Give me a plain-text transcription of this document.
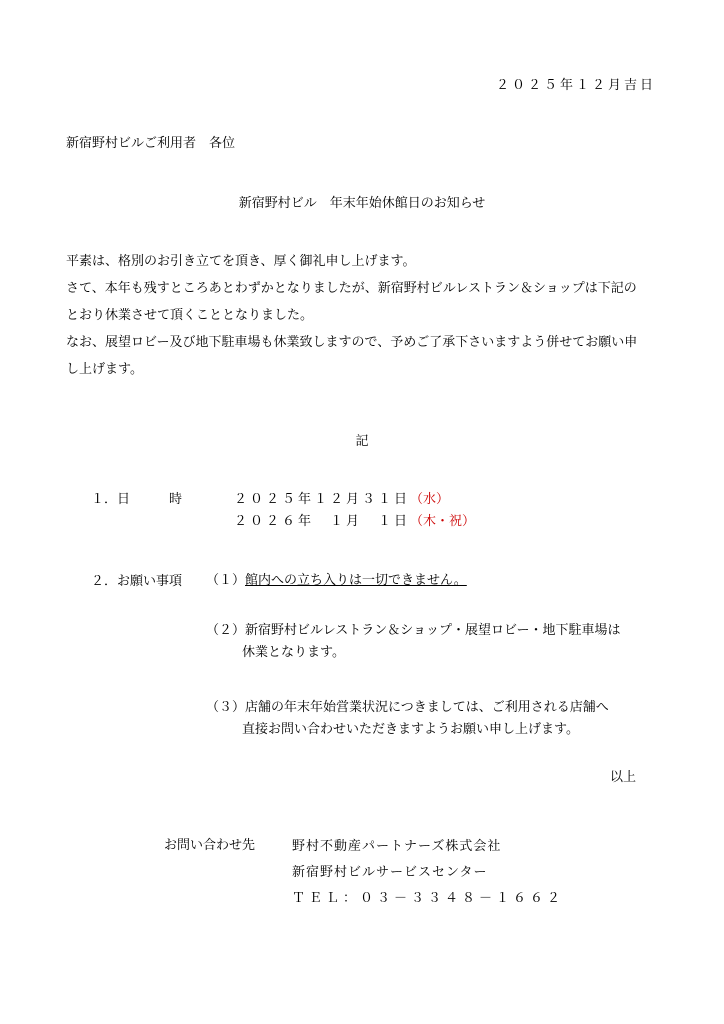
２０２５年１２月吉日
新宿野村ビルご利用者　各位
新宿野村ビル　年末年始休館日のお知らせ

平素は、格別のお引き立てを頂き、厚く御礼申し上げます。

さて、本年も残すところあとわずかとなりましたが、新宿野村ビルレストラン＆ショップは下記の

とおり休業させて頂くこととなりました。

なお、展望ロビー及び地下駐車場も休業致しますので、予めご了承下さいますよう併せてお願い申

し上げます。

記
１．日　　　時	２０２５年１２月３１日（水）
２０２６年　１月　１日（木・祝）
２．お願い事項 （１）館内への立ち入りは一切できません。

（２）新宿野村ビルレストラン＆ショップ・展望ロビー・地下駐車場は

休業となります。

（３）店舗の年末年始営業状況につきましては、ご利用される店舗へ

直接お問い合わせいただきますようお願い申し上げます。

以上
お問い合わせ先	野村不動産パートナーズ株式会社

新宿野村ビルサービスセンター

ＴＥＬ：０３－３３４８－１６６２
